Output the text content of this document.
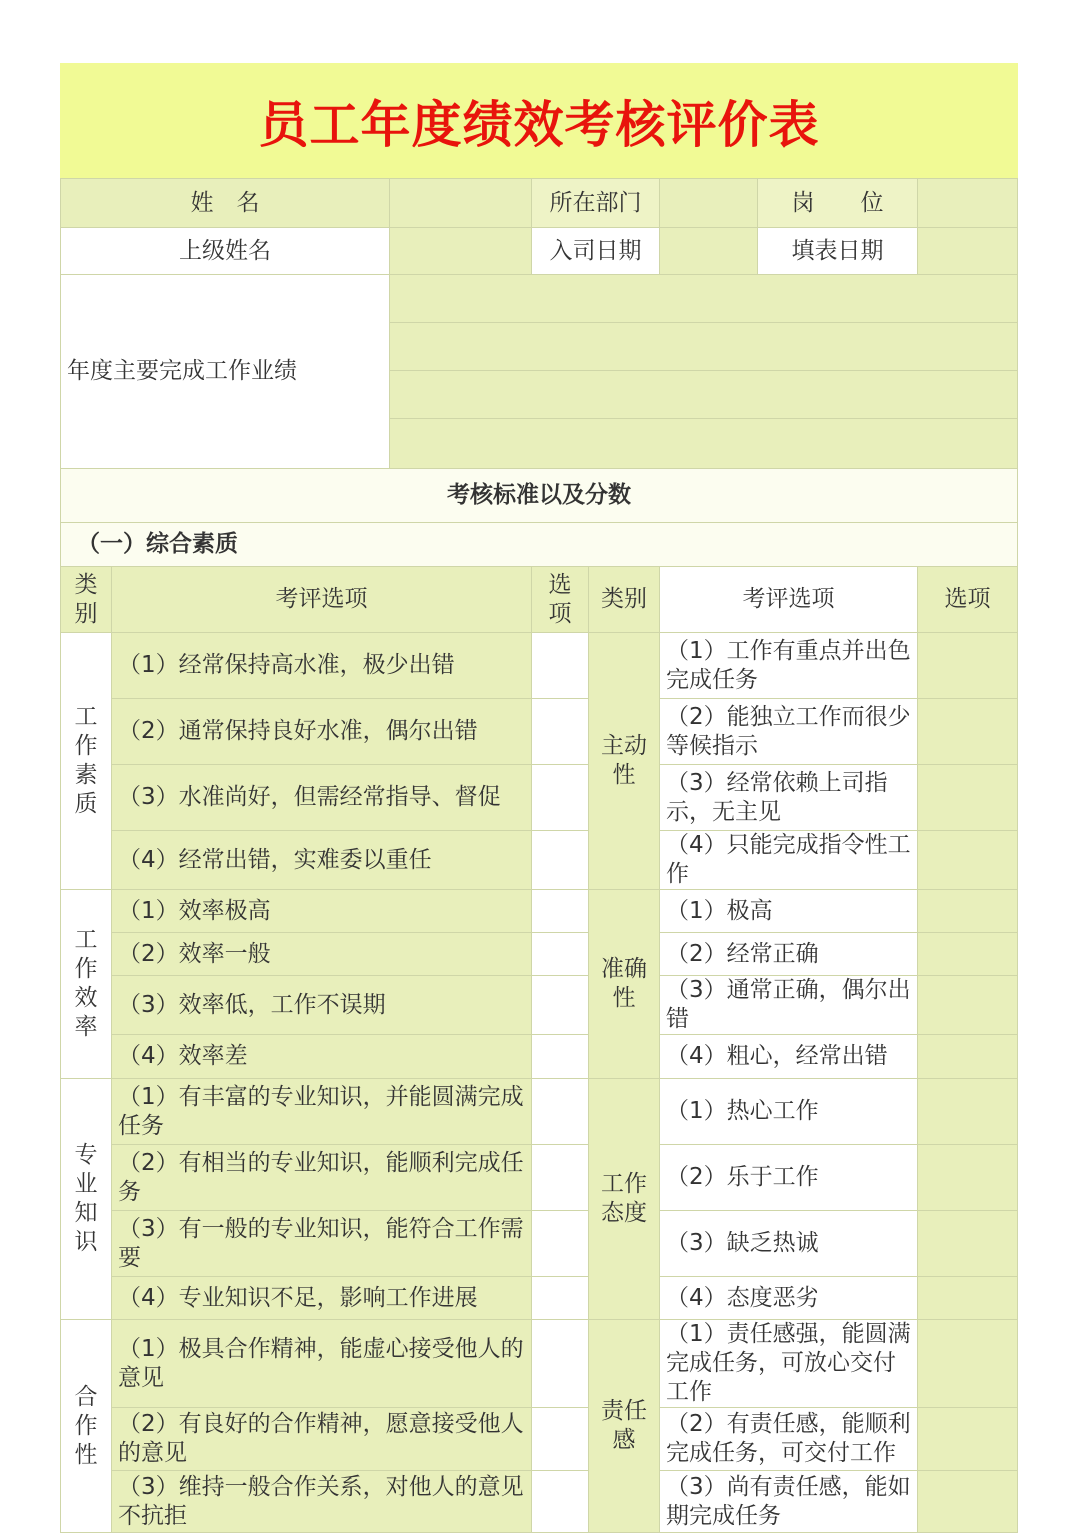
员工年度绩效考核评价表
姓　名			所在部门			岗　　位	
上级姓名			入司日期			填表日期	
年度主要完成工作业绩							

考核标准以及分数							
（一）综合素质							
类别	考评选项		选项	类别	考评选项		选项
工作素质	（1）经常保持高水准，极少出错			主动性	（1）工作有重点并出色完成任务		
	（2）通常保持良好水准，偶尔出错				（2）能独立工作而很少等候指示		
	（3）水准尚好，但需经常指导、督促				（3）经常依赖上司指示，无主见		
	（4）经常出错，实难委以重任				（4）只能完成指令性工作		
工作效率	（1）效率极高			准确性	（1）极高		
	（2）效率一般				（2）经常正确		
	（3）效率低，工作不误期				（3）通常正确，偶尔出错		
	（4）效率差				（4）粗心，经常出错		
专业知识	（1）有丰富的专业知识，并能圆满完成任务			工作态度	（1）热心工作		
	（2）有相当的专业知识，能顺利完成任务				（2）乐于工作		
	（3）有一般的专业知识，能符合工作需要				（3）缺乏热诚		
	（4）专业知识不足，影响工作进展				（4）态度恶劣		
合作性	（1）极具合作精神，能虚心接受他人的意见			责任感	（1）责任感强，能圆满完成任务，可放心交付工作		
	（2）有良好的合作精神，愿意接受他人的意见				（2）有责任感，能顺利完成任务，可交付工作		
	（3）维持一般合作关系，对他人的意见不抗拒				（3）尚有责任感，能如期完成任务		
